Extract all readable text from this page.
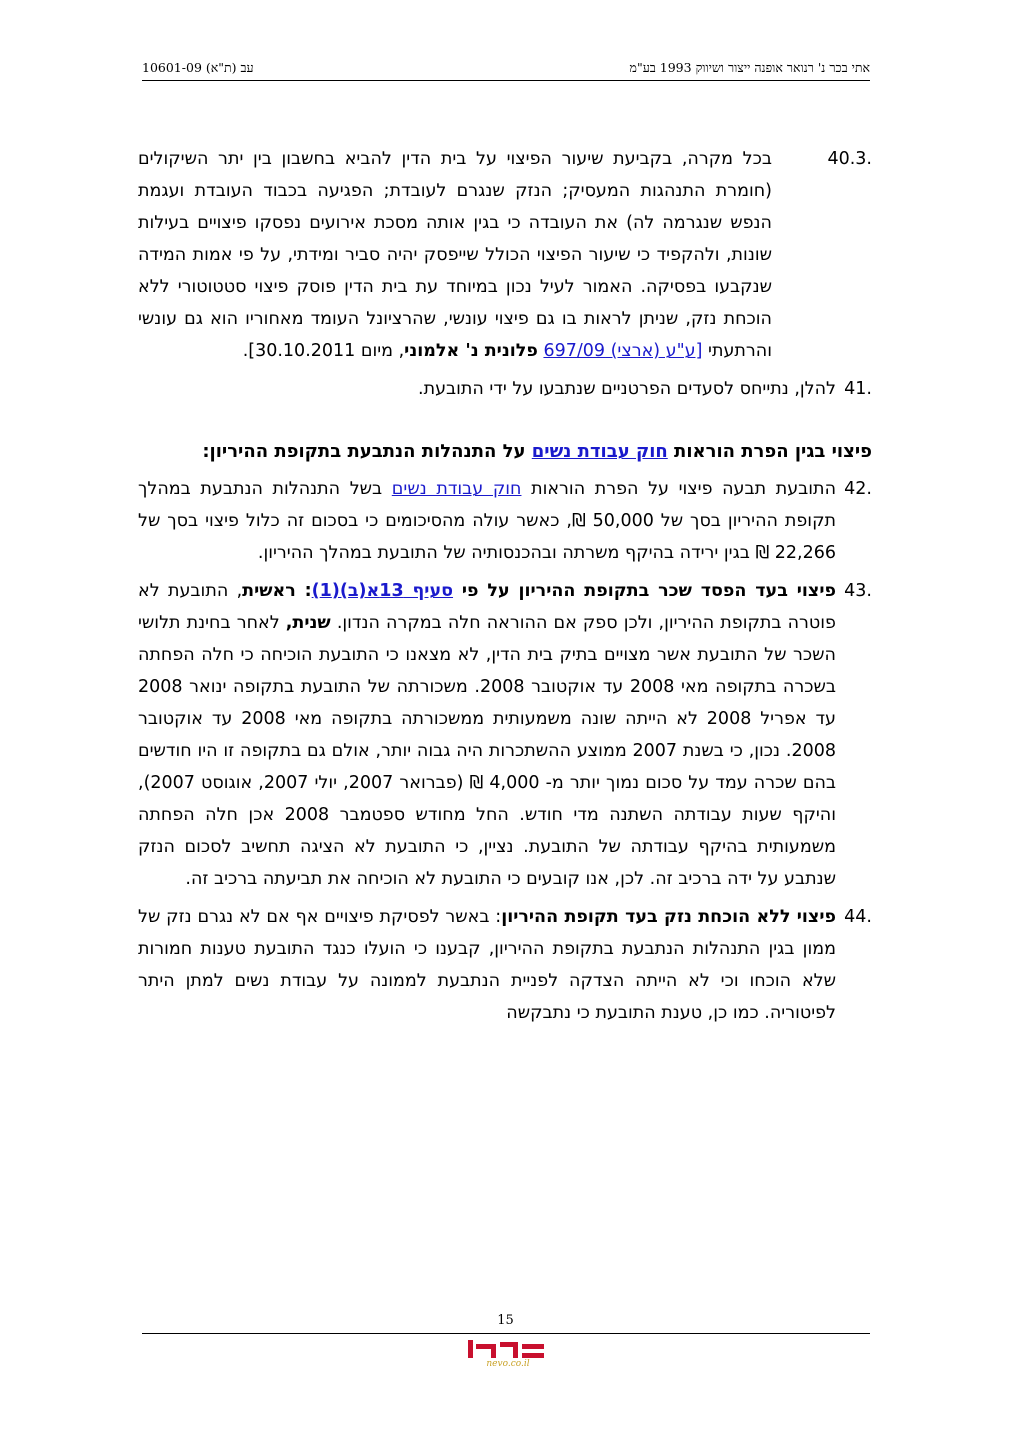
אתי בכר נ' רנואר אופנה ייצור ושיווק 1993 בע"מ
עב (ת"א) 10601-09

.40.3
בכל מקרה, בקביעת שיעור הפיצוי על בית הדין להביא בחשבון בין יתר השיקולים (חומרת התנהגות המעסיק; הנזק שנגרם לעובדת; הפגיעה בכבוד העובדת ועגמת הנפש שנגרמה לה) את העובדה כי בגין אותה מסכת אירועים נפסקו פיצויים בעילות שונות, ולהקפיד כי שיעור הפיצוי הכולל שייפסק יהיה סביר ומידתי, על פי אמות המידה שנקבעו בפסיקה. האמור לעיל נכון במיוחד עת בית הדין פוסק פיצוי סטטוטורי ללא הוכחת נזק, שניתן לראות בו גם פיצוי עונשי, שהרציונל העומד מאחוריו הוא גם עונשי והרתעתי [ע"ע (ארצי) 697/09 פלונית נ' אלמוני, מיום 30.10.2011].

.41
להלן, נתייחס לסעדים הפרטניים שנתבעו על ידי התובעת.

פיצוי בגין הפרת הוראות חוק עבודת נשים על התנהלות הנתבעת בתקופת ההיריון:

.42
התובעת תבעה פיצוי על הפרת הוראות חוק עבודת נשים בשל התנהלות הנתבעת במהלך תקופת ההיריון בסך של 50,000 ₪, כאשר עולה מהסיכומים כי בסכום זה כלול פיצוי בסך של 22,266 ₪ בגין ירידה בהיקף משרתה ובהכנסותיה של התובעת במהלך ההיריון.

.43
פיצוי בעד הפסד שכר בתקופת ההיריון על פי סעיף 13א(ב)(1): ראשית, התובעת לא פוטרה בתקופת ההיריון, ולכן ספק אם ההוראה חלה במקרה הנדון. שנית, לאחר בחינת תלושי השכר של התובעת אשר מצויים בתיק בית הדין, לא מצאנו כי התובעת הוכיחה כי חלה הפחתה בשכרה בתקופה מאי 2008 עד אוקטובר 2008. משכורתה של התובעת בתקופה ינואר 2008 עד אפריל 2008 לא הייתה שונה משמעותית ממשכורתה בתקופה מאי 2008 עד אוקטובר 2008. נכון, כי בשנת 2007 ממוצע ההשתכרות היה גבוה יותר, אולם גם בתקופה זו היו חודשים בהם שכרה עמד על סכום נמוך יותר מ- 4,000 ₪ (פברואר 2007, יולי 2007, אוגוסט 2007), והיקף שעות עבודתה השתנה מדי חודש. החל מחודש ספטמבר 2008 אכן חלה הפחתה משמעותית בהיקף עבודתה של התובעת. נציין, כי התובעת לא הציגה תחשיב לסכום הנזק שנתבע על ידה ברכיב זה. לכן, אנו קובעים כי התובעת לא הוכיחה את תביעתה ברכיב זה.

.44
פיצוי ללא הוכחת נזק בעד תקופת ההיריון: באשר לפסיקת פיצויים אף אם לא נגרם נזק של ממון בגין התנהלות הנתבעת בתקופת ההיריון, קבענו כי הועלו כנגד התובעת טענות חמורות שלא הוכחו וכי לא הייתה הצדקה לפניית הנתבעת לממונה על עבודת נשים למתן היתר לפיטוריה. כמו כן, טענת התובעת כי נתבקשה

15
nevo.co.il
